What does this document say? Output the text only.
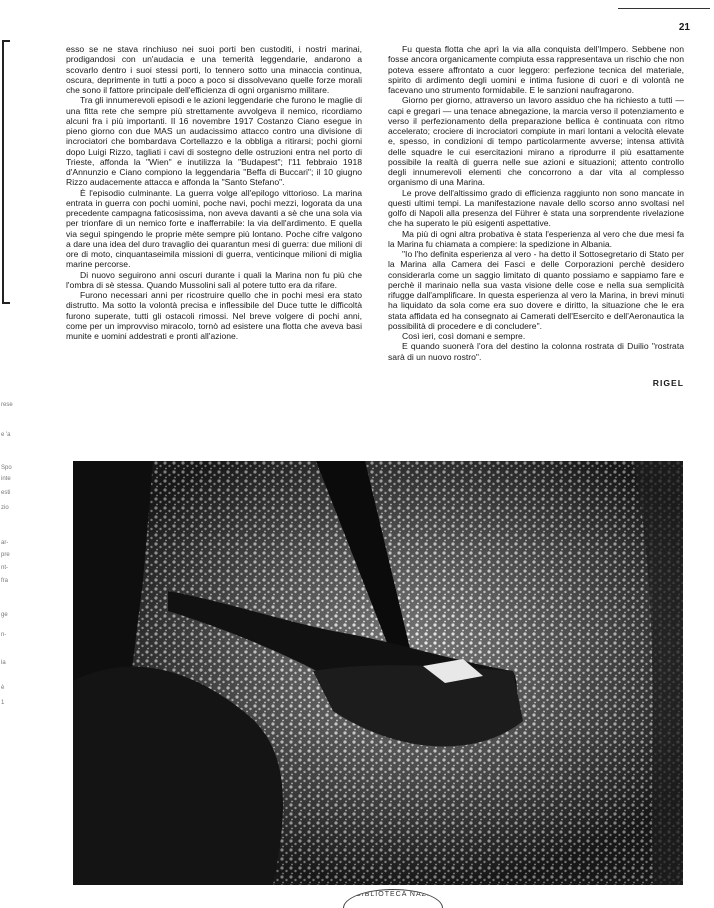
21
rese
e 'a
Spo
inte
esti
zio
ar-
pre
nt-
fra
ge
n-
la
è
1

esso se ne stava rinchiuso nei suoi porti ben custoditi, i nostri marinai, prodigandosi con un'audacia e una temerità leggendarie, andarono a scovarlo dentro i suoi stessi porti, lo tennero sotto una minaccia continua, oscura, deprimente in tutti a poco a poco si dissolvevano quelle forze morali che sono il fattore principale dell'efficienza di ogni organismo militare.

Tra gli innumerevoli episodi e le azioni leggendarie che furono le maglie di una fitta rete che sempre più strettamente avvolgeva il nemico, ricordiamo alcuni fra i più importanti. Il 16 novembre 1917 Costanzo Ciano esegue in pieno giorno con due MAS un audacissimo attacco contro una divisione di incrociatori che bombardava Cortellazzo e la obbliga a ritirarsi; pochi giorni dopo Luigi Rizzo, tagliati i cavi di sostegno delle ostruzioni entra nel porto di Trieste, affonda la "Wien" e inutilizza la "Budapest"; l'11 febbraio 1918 d'Annunzio e Ciano compiono la leggendaria "Beffa di Buccari"; il 10 giugno Rizzo audacemente attacca e affonda la "Santo Stefano".

È l'episodio culminante. La guerra volge all'epilogo vittorioso. La marina entrata in guerra con pochi uomini, poche navi, pochi mezzi, logorata da una precedente campagna faticosissima, non aveva davanti a sè che una sola via per trionfare di un nemico forte e inafferrabile: la via dell'ardimento. E quella via seguì spingendo le proprie mète sempre più lontano. Poche cifre valgono a dare una idea del duro travaglio dei quarantun mesi di guerra: due milioni di ore di moto, cinquantaseimila missioni di guerra, venticinque milioni di miglia marine percorse.

Di nuovo seguirono anni oscuri durante i quali la Marina non fu più che l'ombra di sè stessa. Quando Mussolini salì al potere tutto era da rifare.

Furono necessari anni per ricostruire quello che in pochi mesi era stato distrutto. Ma sotto la volontà precisa e inflessibile del Duce tutte le difficoltà furono superate, tutti gli ostacoli rimossi. Nel breve volgere di pochi anni, come per un improvviso miracolo, tornò ad esistere una flotta che aveva basi munite e uomini addestrati e pronti all'azione.

Fu questa flotta che aprì la via alla conquista dell'Impero. Sebbene non fosse ancora organicamente compiuta essa rappresentava un rischio che non poteva essere affrontato a cuor leggero: perfezione tecnica del materiale, spirito di ardimento degli uomini e intima fusione di cuori e di volontà ne facevano uno strumento formidabile. E le sanzioni naufragarono.

Giorno per giorno, attraverso un lavoro assiduo che ha richiesto a tutti — capi e gregari — una tenace abnegazione, la marcia verso il potenziamento e verso il perfezionamento della preparazione bellica è continuata con ritmo accelerato; crociere di incrociatori compiute in mari lontani a velocità elevate e, spesso, in condizioni di tempo particolarmente avverse; intensa attività delle squadre le cui esercitazioni mirano a riprodurre il più esattamente possibile la realtà di guerra nelle sue azioni e situazioni; attento controllo degli innumerevoli elementi che concorrono a dar vita al complesso organismo di una Marina.

Le prove dell'altissimo grado di efficienza raggiunto non sono mancate in questi ultimi tempi. La manifestazione navale dello scorso anno svoltasi nel golfo di Napoli alla presenza del Führer è stata una sorprendente rivelazione che ha superato le più esigenti aspettative.

Ma più di ogni altra probativa è stata l'esperienza al vero che due mesi fa la Marina fu chiamata a compiere: la spedizione in Albania.

"Io l'ho definita esperienza al vero - ha detto il Sottosegretario di Stato per la Marina alla Camera dei Fasci e delle Corporazioni perchè desidero considerarla come un saggio limitato di quanto possiamo e sappiamo fare e perchè il marinaio nella sua vasta visione delle cose e nella sua semplicità rifugge dall'amplificare. In questa esperienza al vero la Marina, in brevi minuti ha liquidato da sola come era suo dovere e diritto, la situazione che le era stata affidata ed ha consegnato ai Camerati dell'Esercito e dell'Aeronautica la possibilità di procedere e di concludere".

Così ieri, così domani e sempre.

E quando suonerà l'ora del destino la colonna rostrata di Duilio "rostrata sarà di un nuovo rostro".

RIGEL
BIBLIOTECA NAZ.
